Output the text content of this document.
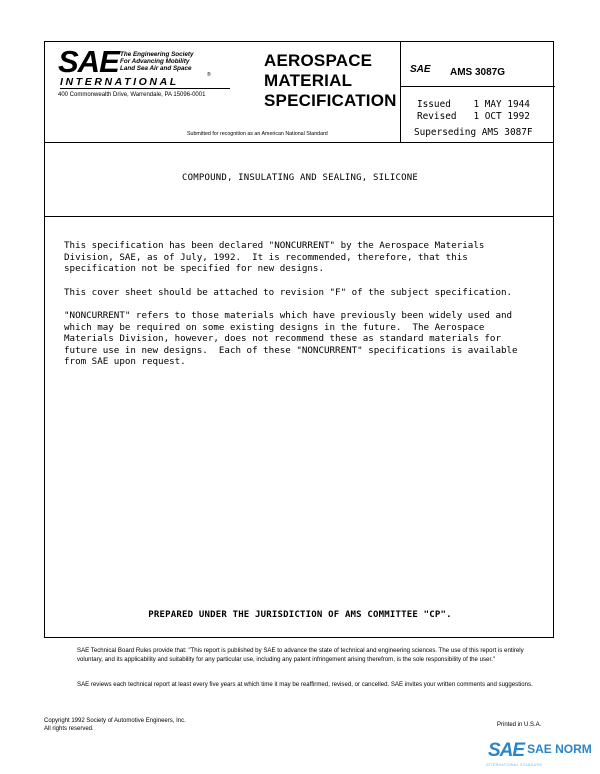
SAE The Engineering Society
For Advancing Mobility
Land Sea Air and Space
®
INTERNATIONAL
400 Commonwealth Drive, Warrendale, PA 15096-0001
AEROSPACE
MATERIAL
SPECIFICATION
Submitted for recognition as an American National Standard
SAE AMS 3087G
Issued 1 MAY 1944
Revised 1 OCT 1992
Superseding AMS 3087F
COMPOUND, INSULATING AND SEALING, SILICONE
This specification has been declared "NONCURRENT" by the Aerospace Materials
Division, SAE, as of July, 1992.  It is recommended, therefore, that this
specification not be specified for new designs.
This cover sheet should be attached to revision "F" of the subject specification.
"NONCURRENT" refers to those materials which have previously been widely used and
which may be required on some existing designs in the future.  The Aerospace
Materials Division, however, does not recommend these as standard materials for
future use in new designs.  Each of these "NONCURRENT" specifications is available
from SAE upon request.
PREPARED UNDER THE JURISDICTION OF AMS COMMITTEE "CP".
SAE Technical Board Rules provide that: "This report is published by SAE to advance the state of technical and engineering sciences. The use of this report is entirely voluntary, and its applicability and suitability for any particular use, including any patent infringement arising therefrom, is the sole responsibility of the user."
SAE reviews each technical report at least every five years at which time it may be reaffirmed, revised, or cancelled. SAE invites your written comments and suggestions.
Copyright 1992 Society of Automotive Engineers, Inc.
All rights reserved.
Printed in U.S.A.
SAE SAE NORM
INTERNATIONAL STANDARD
